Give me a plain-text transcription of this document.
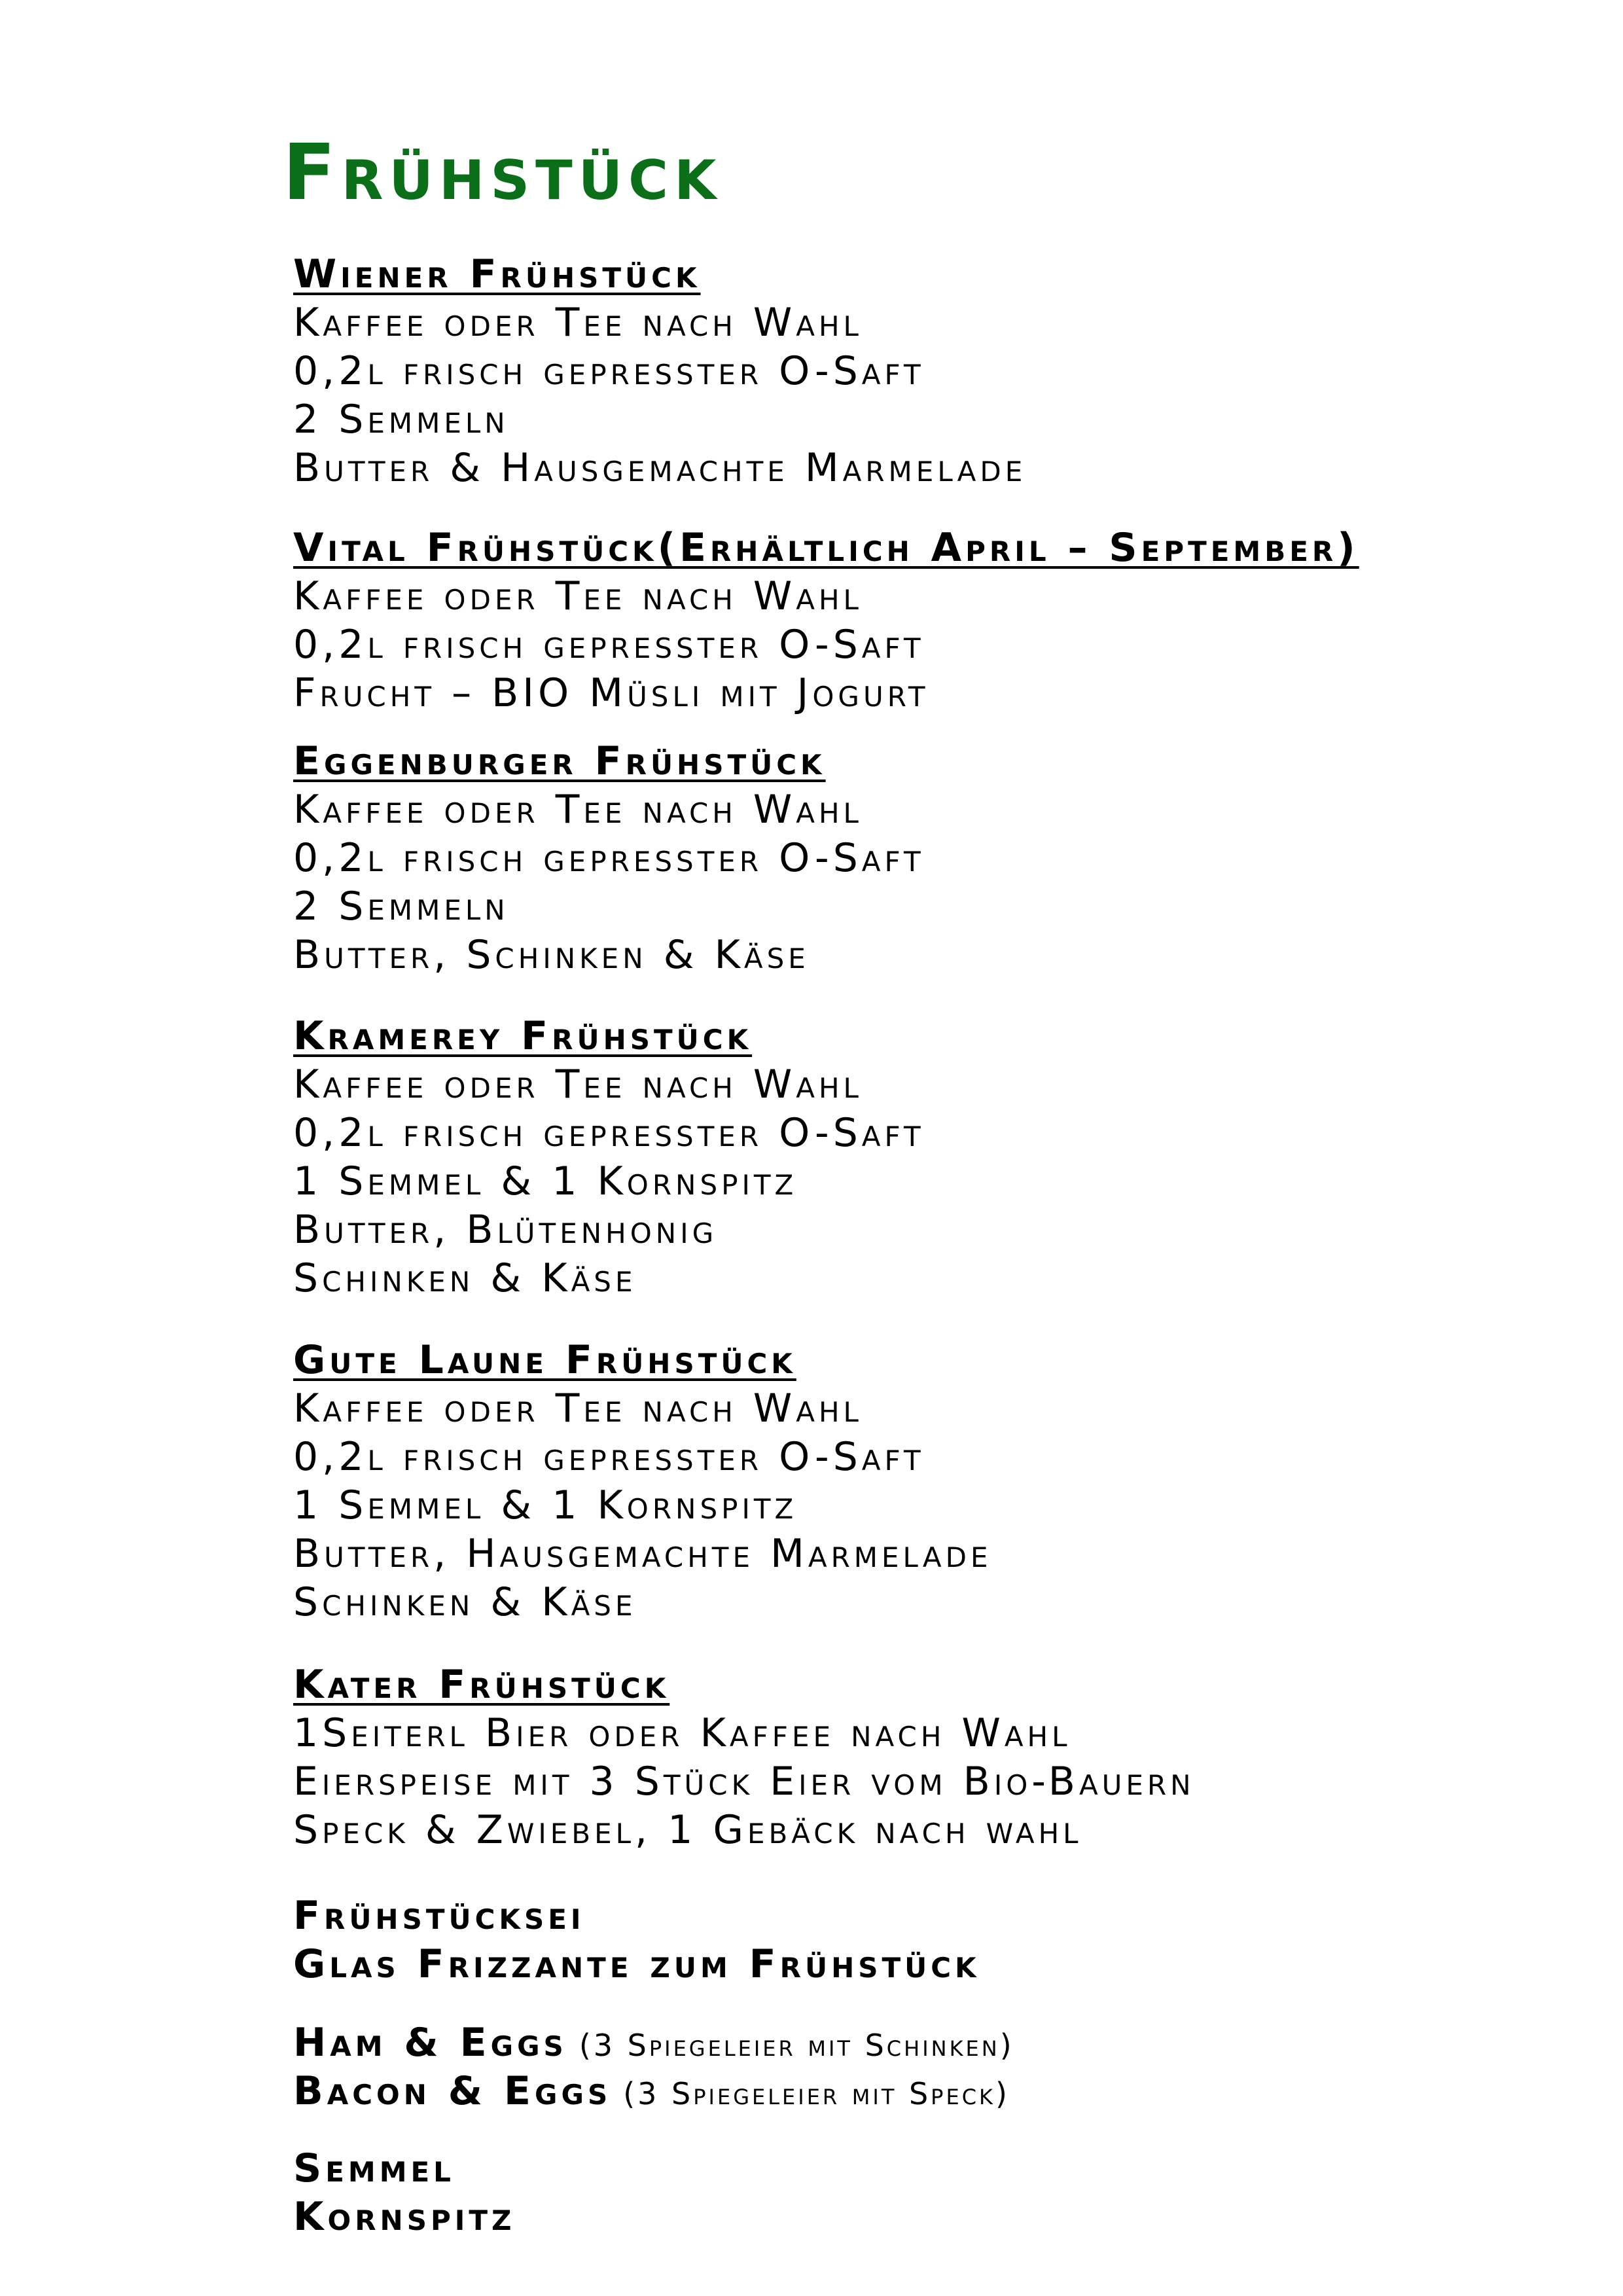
Frühstück
Wiener Frühstück
Kaffee oder Tee nach Wahl
0,2l frisch gepresster O-Saft
2 Semmeln
Butter & Hausgemachte Marmelade
Vital Frühstück(Erhältlich April – September)
Kaffee oder Tee nach Wahl
0,2l frisch gepresster O-Saft
Frucht – BIO Müsli mit Jogurt
Eggenburger Frühstück
Kaffee oder Tee nach Wahl
0,2l frisch gepresster O-Saft
2 Semmeln
Butter, Schinken & Käse
Kramerey Frühstück
Kaffee oder Tee nach Wahl
0,2l frisch gepresster O-Saft
1 Semmel & 1 Kornspitz
Butter, Blütenhonig
Schinken & Käse
Gute Laune Frühstück
Kaffee oder Tee nach Wahl
0,2l frisch gepresster O-Saft
1 Semmel & 1 Kornspitz
Butter, Hausgemachte Marmelade
Schinken & Käse
Kater Frühstück
1Seiterl Bier oder Kaffee nach Wahl
Eierspeise mit 3 Stück Eier vom Bio-Bauern
Speck & Zwiebel, 1 Gebäck nach wahl
Frühstücksei
Glas Frizzante zum Frühstück
Ham & Eggs (3 Spiegeleier mit Schinken)
Bacon & Eggs (3 Spiegeleier mit Speck)
Semmel
Kornspitz
